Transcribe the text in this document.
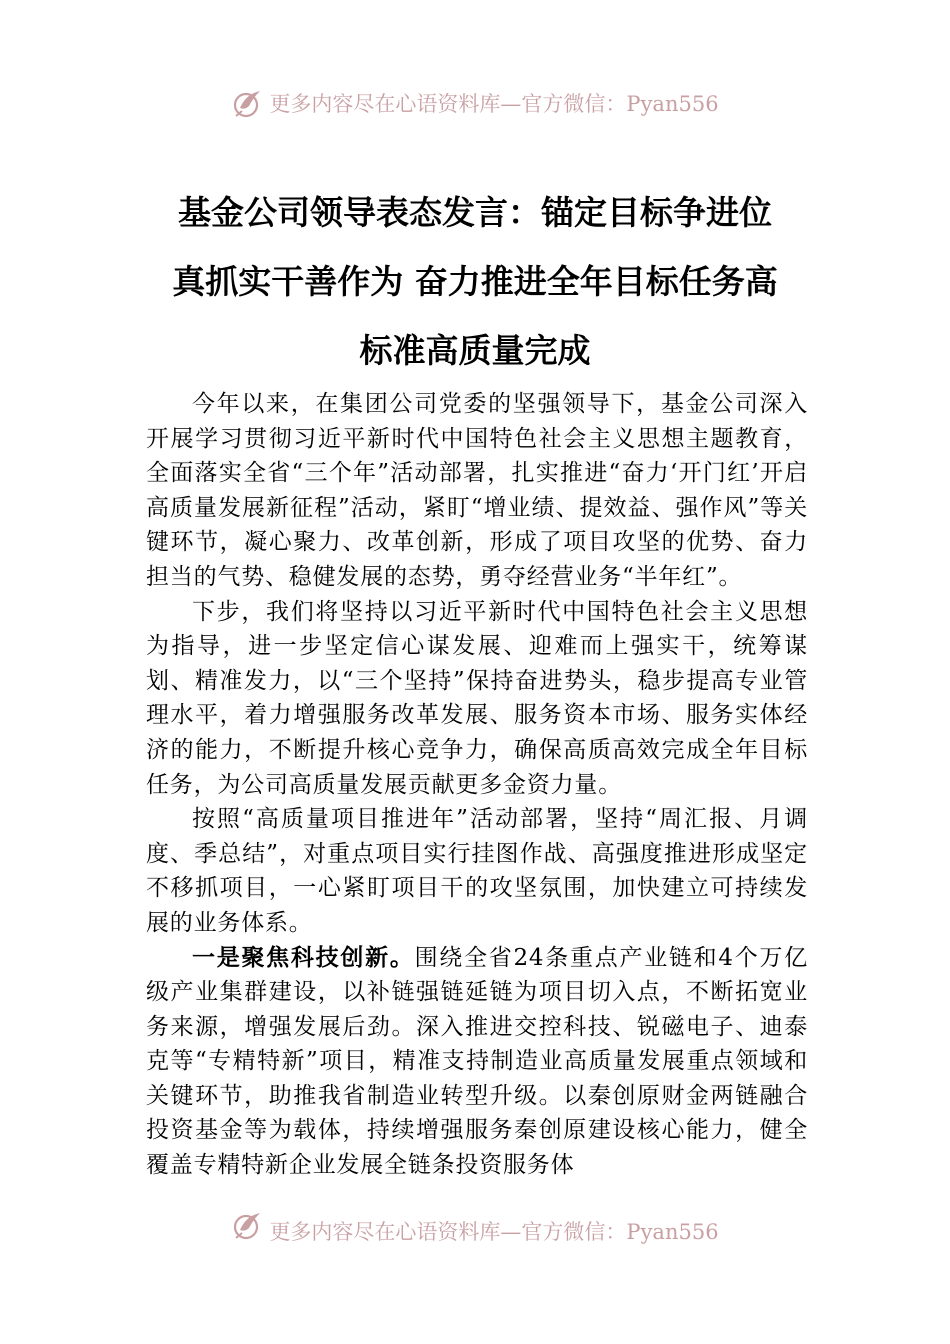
更多内容尽在心语资料库—官方微信：Pyan556
基金公司领导表态发言：锚定目标争进位
真抓实干善作为 奋力推进全年目标任务高
标准高质量完成

今年以来，在集团公司党委的坚强领导下，基金公司深入开展学习贯彻习近平新时代中国特色社会主义思想主题教育，全面落实全省“三个年”活动部署，扎实推进“奋力‘开门红’开启高质量发展新征程”活动，紧盯“增业绩、提效益、强作风”等关键环节，凝心聚力、改革创新，形成了项目攻坚的优势、奋力担当的气势、稳健发展的态势，勇夺经营业务“半年红”。

下步，我们将坚持以习近平新时代中国特色社会主义思想为指导，进一步坚定信心谋发展、迎难而上强实干，统筹谋划、精准发力，以“三个坚持”保持奋进势头，稳步提高专业管理水平，着力增强服务改革发展、服务资本市场、服务实体经济的能力，不断提升核心竞争力，确保高质高效完成全年目标任务，为公司高质量发展贡献更多金资力量。

按照“高质量项目推进年”活动部署，坚持“周汇报、月调度、季总结”，对重点项目实行挂图作战、高强度推进形成坚定不移抓项目，一心紧盯项目干的攻坚氛围，加快建立可持续发展的业务体系。

一是聚焦科技创新。围绕全省24条重点产业链和4个万亿级产业集群建设，以补链强链延链为项目切入点，不断拓宽业务来源，增强发展后劲。深入推进交控科技、锐磁电子、迪泰克等“专精特新”项目，精准支持制造业高质量发展重点领域和关键环节，助推我省制造业转型升级。以秦创原财金两链融合投资基金等为载体，持续增强服务秦创原建设核心能力，健全覆盖专精特新企业发展全链条投资服务体

更多内容尽在心语资料库—官方微信：Pyan556
